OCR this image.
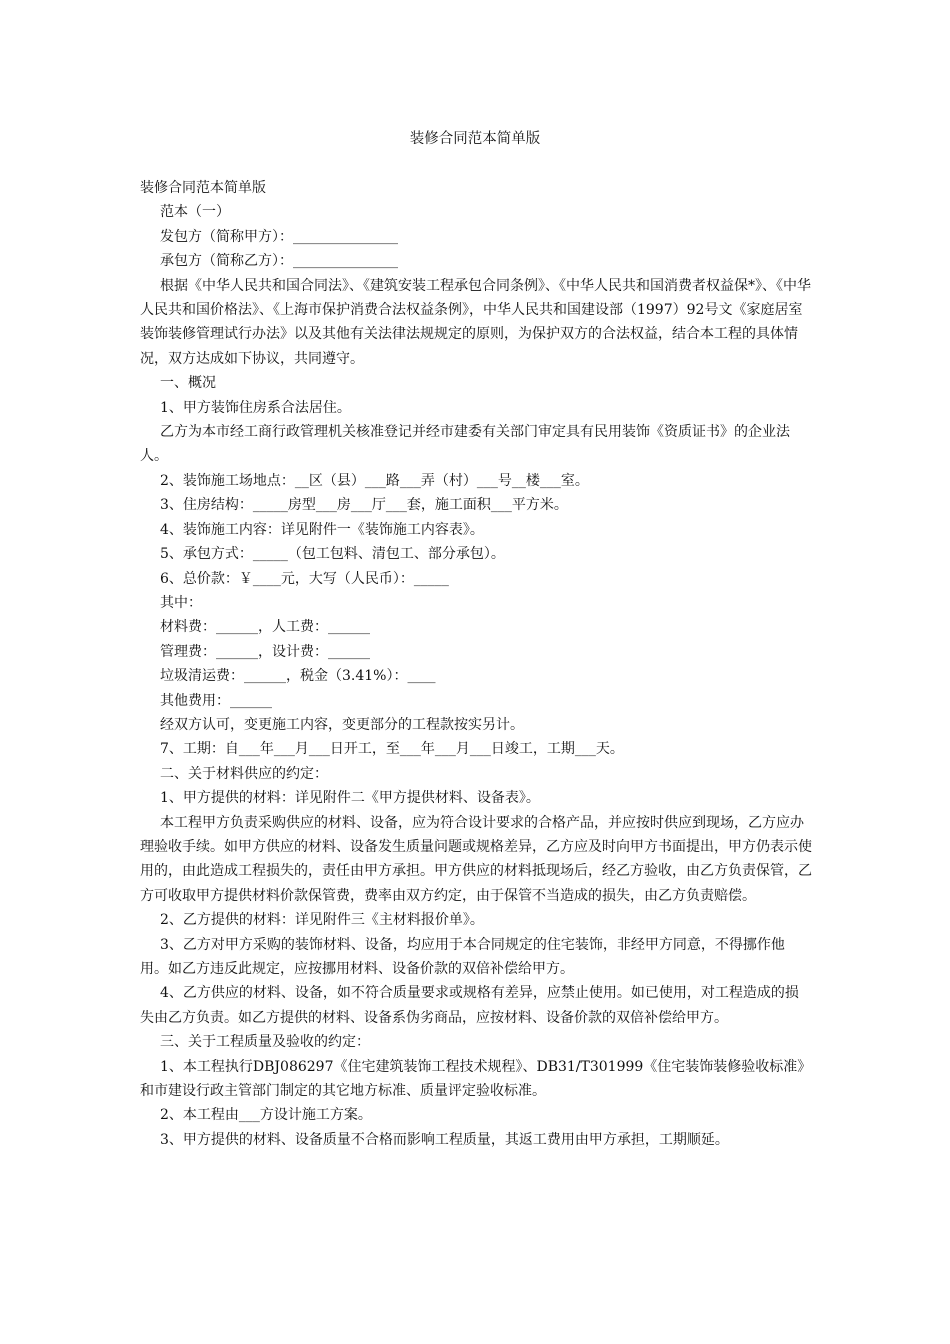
装修合同范本简单版

装修合同范本简单版

范本（一）

发包方（简称甲方）：_______________

承包方（简称乙方）：_______________

根据《中华人民共和国合同法》、《建筑安装工程承包合同条例》、《中华人民共和国消费者权益保*》、《中华人民共和国价格法》、《上海市保护消费合法权益条例》，中华人民共和国建设部（1997）92号文《家庭居室装饰装修管理试行办法》以及其他有关法律法规规定的原则，为保护双方的合法权益，结合本工程的具体情况，双方达成如下协议，共同遵守。

一、概况

1、甲方装饰住房系合法居住。

乙方为本市经工商行政管理机关核准登记并经市建委有关部门审定具有民用装饰《资质证书》的企业法人。

2、装饰施工场地点：__区（县）___路___弄（村）___号__楼___室。

3、住房结构：_____房型___房___厅___套，施工面积___平方米。

4、装饰施工内容：详见附件一《装饰施工内容表》。

5、承包方式：_____（包工包料、清包工、部分承包）。

6、总价款：￥____元，大写（人民币）：_____

其中：

材料费：______，人工费：______

管理费：______，设计费：______

垃圾清运费：______，税金（3.41%）：____

其他费用：______

经双方认可，变更施工内容，变更部分的工程款按实另计。

7、工期：自___年___月___日开工，至___年___月___日竣工，工期___天。

二、关于材料供应的约定：

1、甲方提供的材料：详见附件二《甲方提供材料、设备表》。

本工程甲方负责采购供应的材料、设备，应为符合设计要求的合格产品，并应按时供应到现场，乙方应办理验收手续。如甲方供应的材料、设备发生质量问题或规格差异，乙方应及时向甲方书面提出，甲方仍表示使用的，由此造成工程损失的，责任由甲方承担。甲方供应的材料抵现场后，经乙方验收，由乙方负责保管，乙方可收取甲方提供材料价款保管费，费率由双方约定，由于保管不当造成的损失，由乙方负责赔偿。

2、乙方提供的材料：详见附件三《主材料报价单》。

3、乙方对甲方采购的装饰材料、设备，均应用于本合同规定的住宅装饰，非经甲方同意，不得挪作他用。如乙方违反此规定，应按挪用材料、设备价款的双倍补偿给甲方。

4、乙方供应的材料、设备，如不符合质量要求或规格有差异，应禁止使用。如已使用，对工程造成的损失由乙方负责。如乙方提供的材料、设备系伪劣商品，应按材料、设备价款的双倍补偿给甲方。

三、关于工程质量及验收的约定：

1、本工程执行DBJ086297《住宅建筑装饰工程技术规程》、DB31/T301999《住宅装饰装修验收标准》和市建设行政主管部门制定的其它地方标准、质量评定验收标准。

2、本工程由___方设计施工方案。

3、甲方提供的材料、设备质量不合格而影响工程质量，其返工费用由甲方承担，工期顺延。
